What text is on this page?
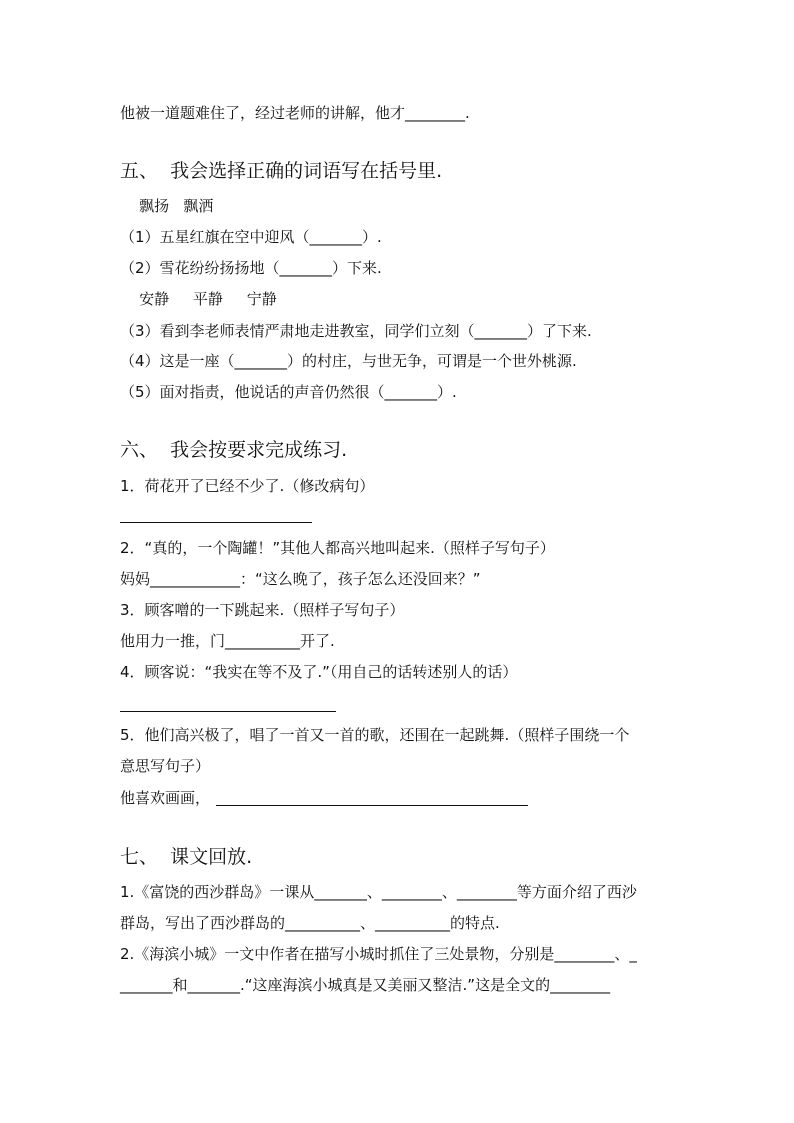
他被一道题难住了，经过老师的讲解，他才________.
五、  我会选择正确的词语写在括号里.
飘扬   飘洒
（1）五星红旗在空中迎风（_______）.
（2）雪花纷纷扬扬地（_______）下来.
安静     平静     宁静
（3）看到李老师表情严肃地走进教室，同学们立刻（_______）了下来.
（4）这是一座（_______）的村庄，与世无争，可谓是一个世外桃源.
（5）面对指责，他说话的声音仍然很（_______）.
六、  我会按要求完成练习.
1．荷花开了已经不少了.（修改病句）
2．“真的，一个陶罐！”其他人都高兴地叫起来.（照样子写句子）
妈妈____________：“这么晚了，孩子怎么还没回来？”
3．顾客噌的一下跳起来.（照样子写句子）
他用力一推，门__________开了.
4．顾客说：“我实在等不及了.”（用自己的话转述别人的话）
5．他们高兴极了，唱了一首又一首的歌，还围在一起跳舞.（照样子围绕一个
意思写句子）
他喜欢画画，
七、  课文回放.
1.《富饶的西沙群岛》一课从_______、________、________等方面介绍了西沙
群岛，写出了西沙群岛的__________、__________的特点.
2.《海滨小城》一文中作者在描写小城时抓住了三处景物，分别是________、_
_______和_______.“这座海滨小城真是又美丽又整洁.”这是全文的________
